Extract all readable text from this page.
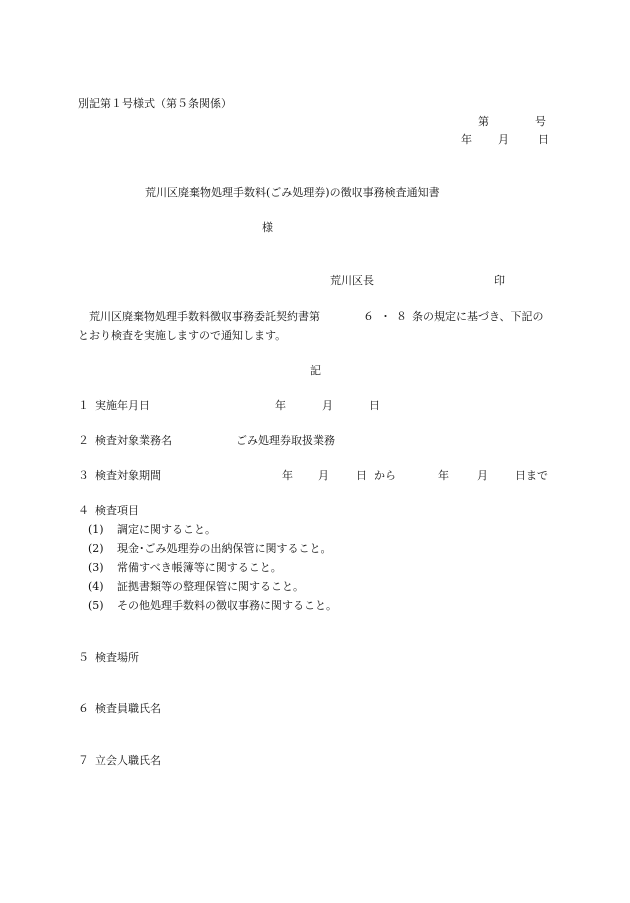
別記第１号様式（第５条関係）
第	号
年 月	日
荒川区廃棄物処理手数料(ごみ処理券)の徴収事務検査通知書
様
荒川区長	印
荒川区廃棄物処理手数料徴収事務委託契約書第	６ ・ ８ 条の規定に基づき、下記の
とおり検査を実施しますので通知します。
記
１ 実施年月日	年	月	日
２ 検査対象業務名	ごみ処理券取扱業務
３ 検査対象期間	年 月 日 から	年	月 日まで
４ 検査項目
(1) 調定に関すること。
(2) 現金･ごみ処理券の出納保管に関すること。
(3) 常備すべき帳簿等に関すること。
(4) 証拠書類等の整理保管に関すること。
(5) その他処理手数料の徴収事務に関すること。
５ 検査場所
６ 検査員職氏名
７ 立会人職氏名
